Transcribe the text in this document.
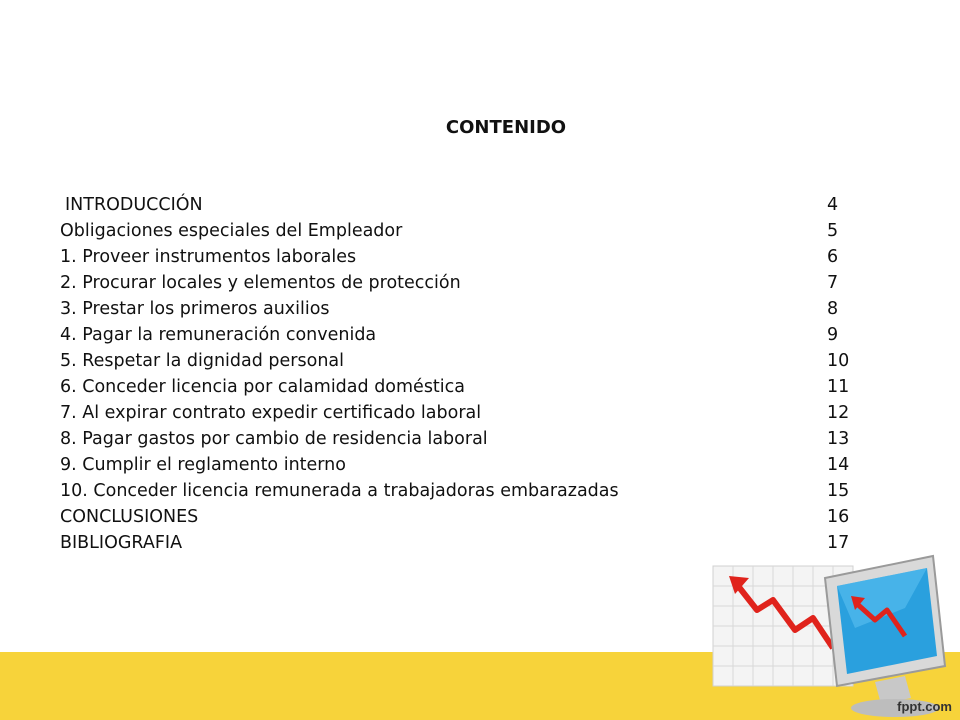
CONTENIDO
INTRODUCCIÓN	4
Obligaciones especiales del Empleador	5
1. Proveer instrumentos laborales	6
2. Procurar locales y elementos de protección	7
3. Prestar los primeros auxilios	8
4. Pagar la remuneración convenida	9
5. Respetar la dignidad personal	10
6. Conceder licencia por calamidad doméstica	11
7. Al expirar contrato expedir certificado laboral	12
8. Pagar gastos por cambio de residencia laboral	13
9. Cumplir el reglamento interno	14
10. Conceder licencia remunerada a trabajadoras embarazadas	15
CONCLUSIONES	16
BIBLIOGRAFIA	17
fppt.com
